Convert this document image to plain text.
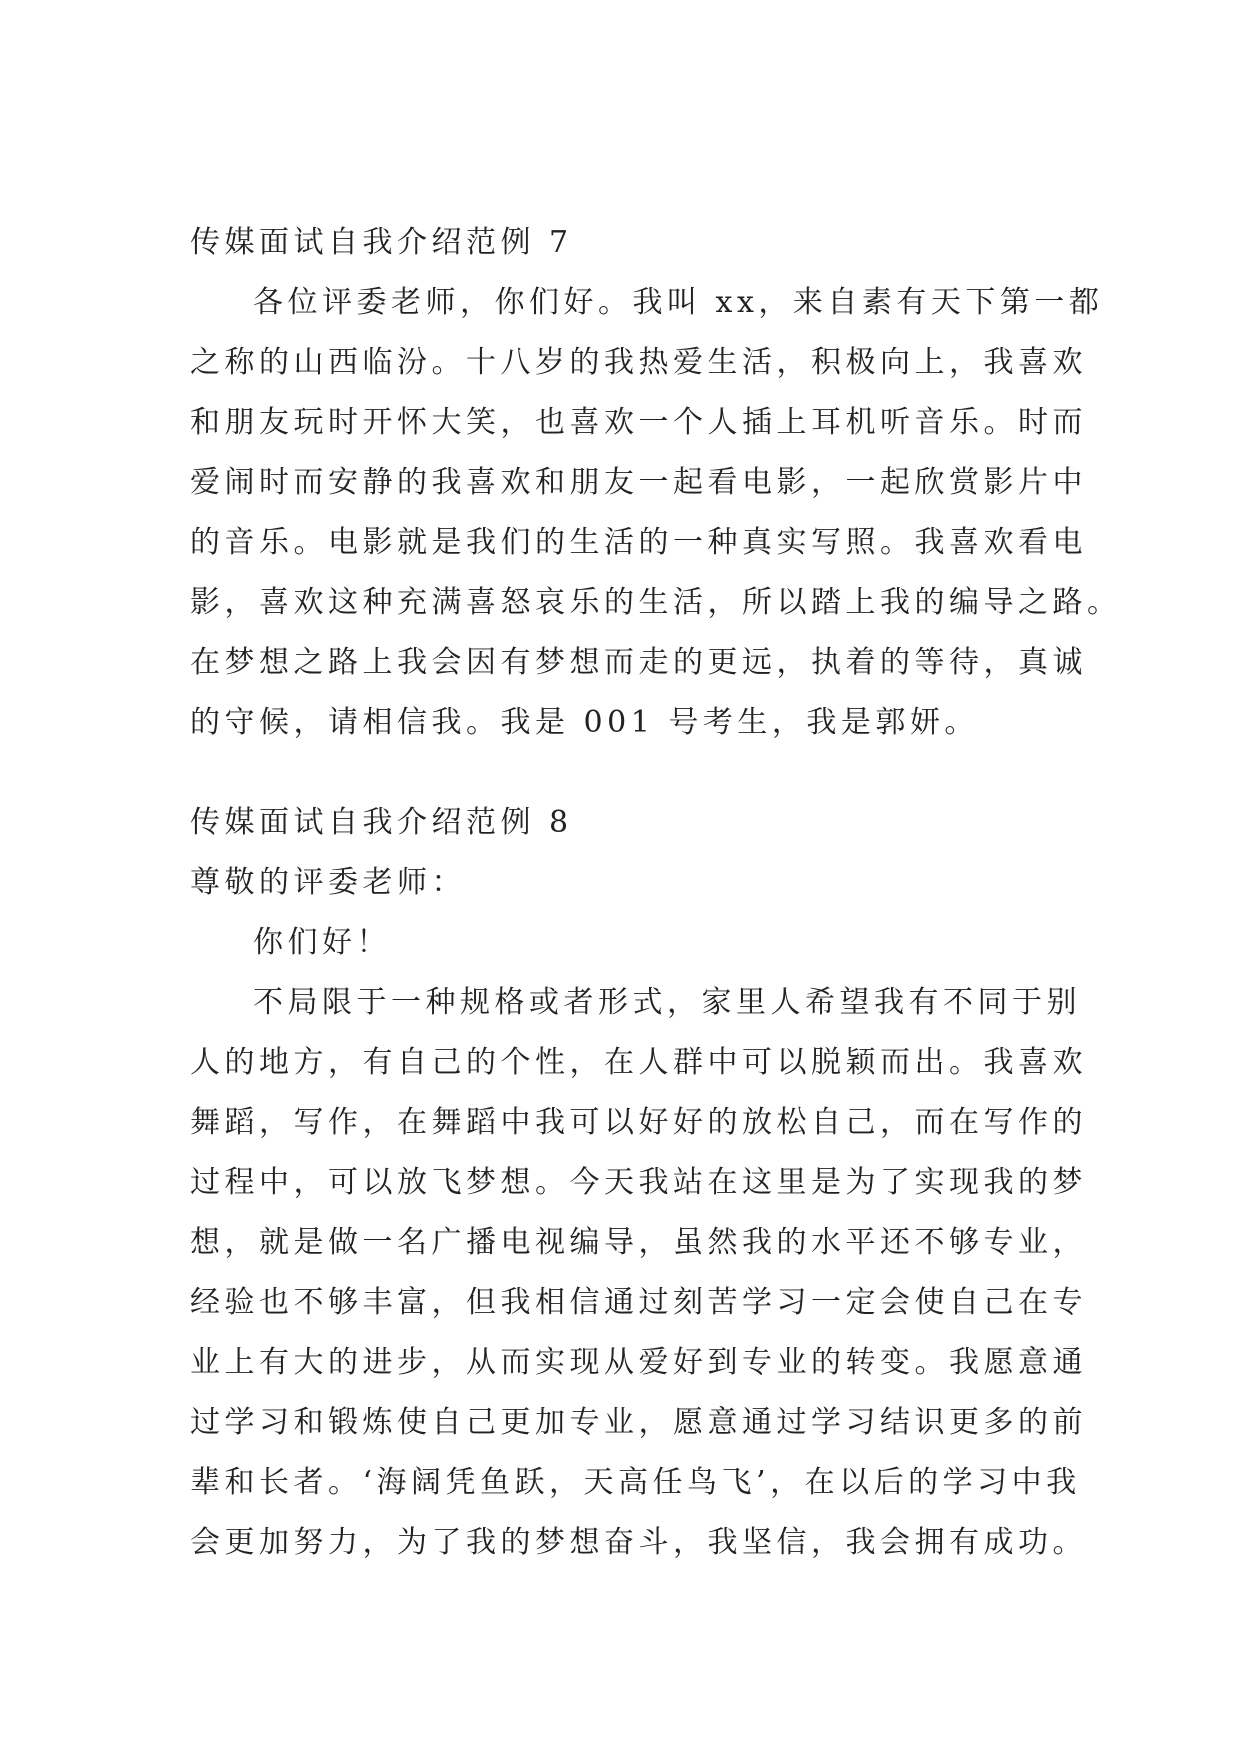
传媒面试自我介绍范例 7
各位评委老师，你们好。我叫 xx，来自素有天下第一都
之称的山西临汾。十八岁的我热爱生活，积极向上，我喜欢
和朋友玩时开怀大笑，也喜欢一个人插上耳机听音乐。时而
爱闹时而安静的我喜欢和朋友一起看电影，一起欣赏影片中
的音乐。电影就是我们的生活的一种真实写照。我喜欢看电
影，喜欢这种充满喜怒哀乐的生活，所以踏上我的编导之路。
在梦想之路上我会因有梦想而走的更远，执着的等待，真诚
的守候，请相信我。我是 001 号考生，我是郭妍。
传媒面试自我介绍范例 8
尊敬的评委老师：
你们好！
不局限于一种规格或者形式，家里人希望我有不同于别
人的地方，有自己的个性，在人群中可以脱颖而出。我喜欢
舞蹈，写作，在舞蹈中我可以好好的放松自己，而在写作的
过程中，可以放飞梦想。今天我站在这里是为了实现我的梦
想，就是做一名广播电视编导，虽然我的水平还不够专业，
经验也不够丰富，但我相信通过刻苦学习一定会使自己在专
业上有大的进步，从而实现从爱好到专业的转变。我愿意通
过学习和锻炼使自己更加专业，愿意通过学习结识更多的前
辈和长者。‘海阔凭鱼跃，天高任鸟飞’，在以后的学习中我
会更加努力，为了我的梦想奋斗，我坚信，我会拥有成功。
